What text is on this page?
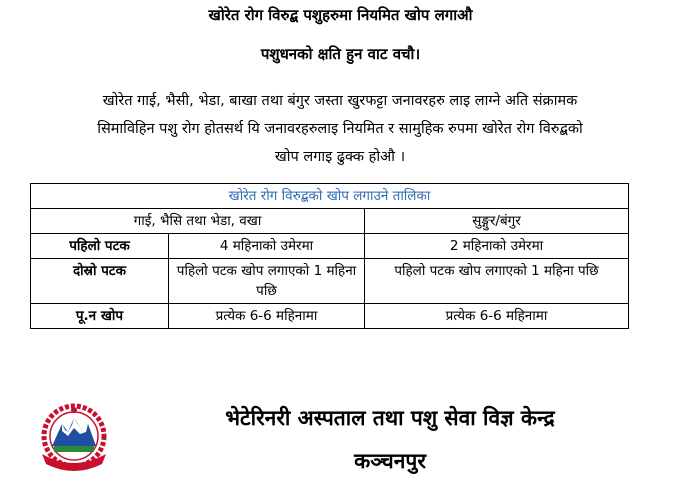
खोरेत रोग विरुद्ब पशुहरुमा नियमित खोप लगाऔ
पशुधनको क्षति हुन वाट वचौ।
खोरेत गाई, भैसी, भेडा, बाखा तथा बंगुर जस्ता खुरफट्टा जनावरहरु लाइ लाग्ने अति संक्रामक
सिमाविहिन पशु रोग होतसर्थ यि जनावरहरुलाइ नियमित र सामुहिक रुपमा खोरेत रोग विरुद्बको
खोप लगाइ ढुक्क होऔ ।
खोरेत रोग विरुद्बको खोप लगाउने तालिका		
गाई, भैसि तथा भेडा, वखा		सुङ्गुर/बंगुर
पहिलो पटक	4 महिनाको उमेरमा	2 महिनाको उमेरमा
दोस्रो पटक	पहिलो पटक खोप लगाएको 1 महिना पछि	पहिलो पटक खोप लगाएको 1 महिना पछि
पू.न खोप	प्रत्येक 6-6 महिनामा	प्रत्येक 6-6 महिनामा
भेटेरिनरी अस्पताल तथा पशु सेवा विज्ञ केन्द्र
कञ्चनपुर
